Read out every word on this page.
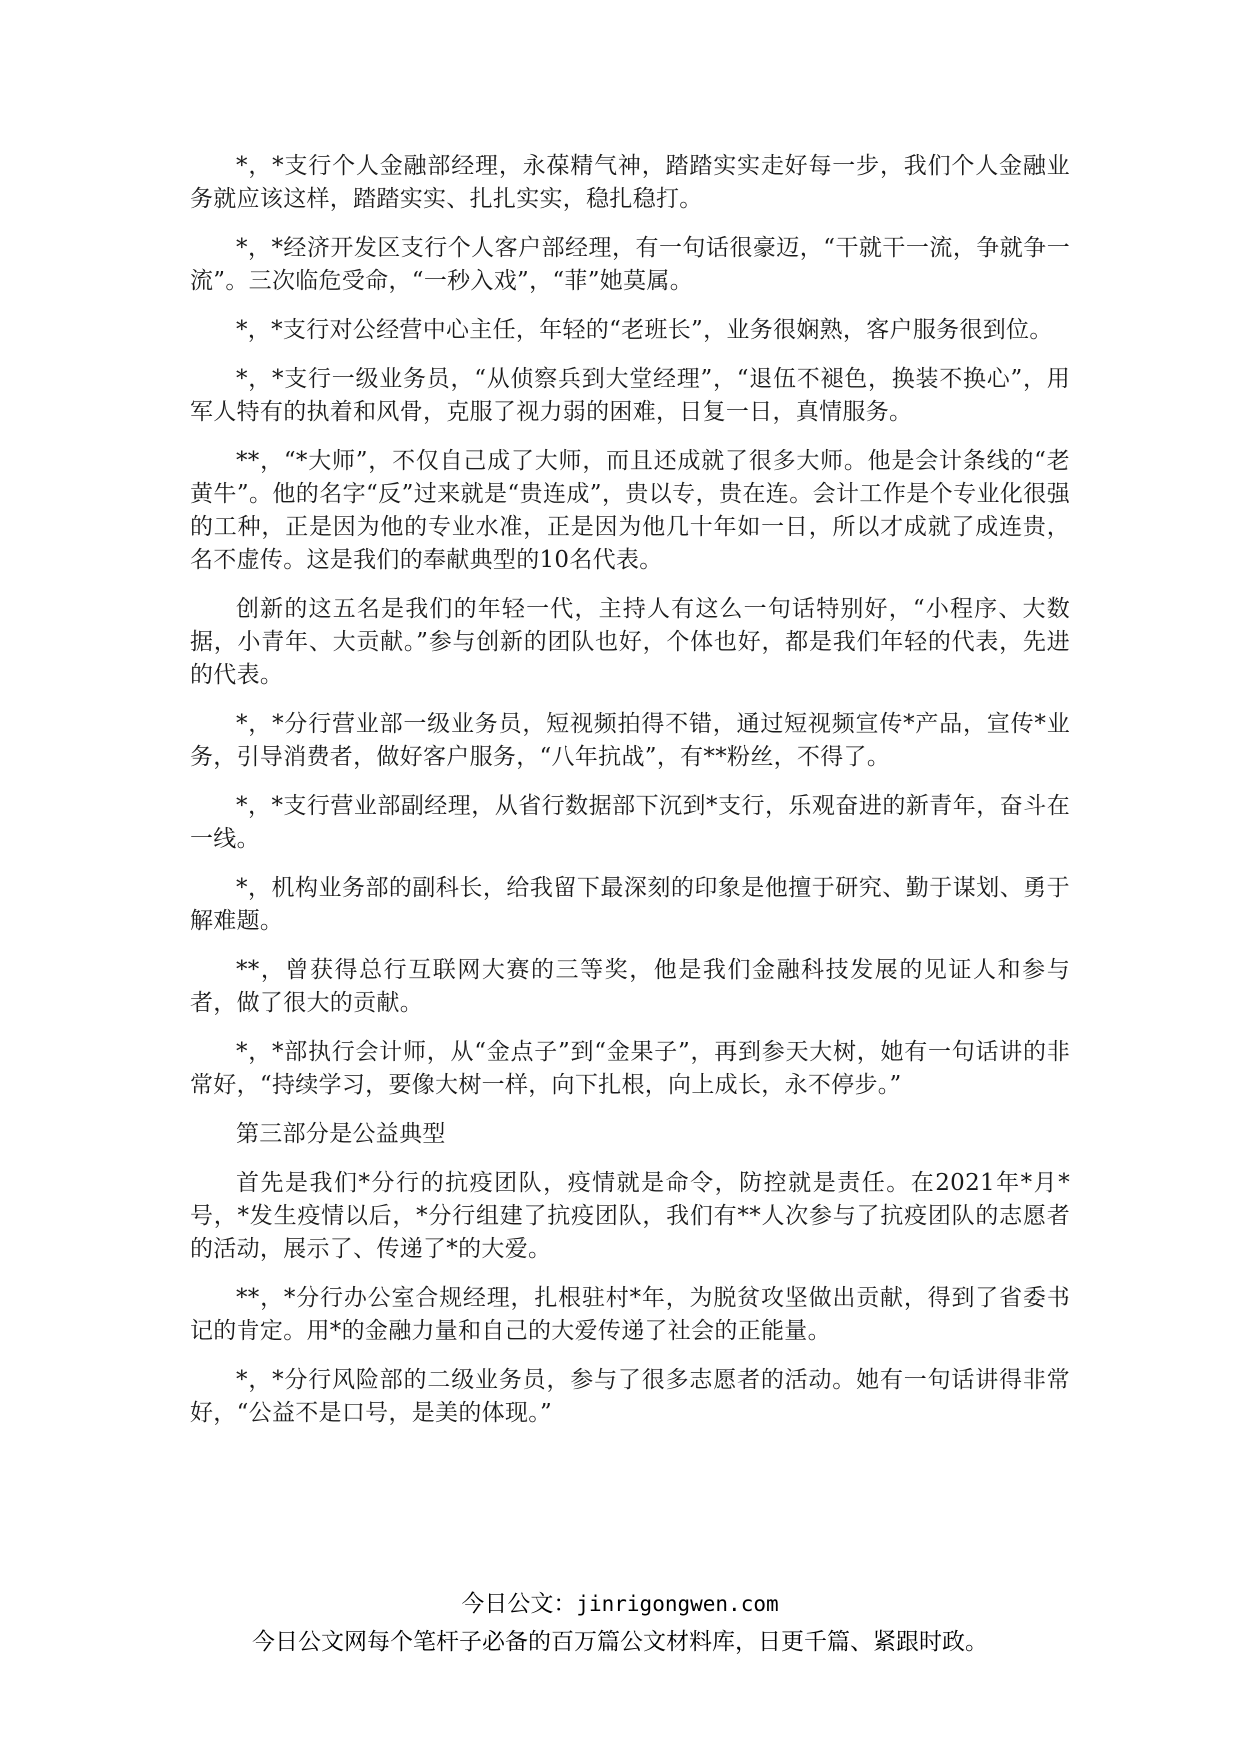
*，*支行个人金融部经理，永葆精气神，踏踏实实走好每一步，我们个人金融业务就应该这样，踏踏实实、扎扎实实，稳扎稳打。

*，*经济开发区支行个人客户部经理，有一句话很豪迈，“干就干一流，争就争一流”。三次临危受命，“一秒入戏”，“菲”她莫属。

*，*支行对公经营中心主任，年轻的“老班长”，业务很娴熟，客户服务很到位。

*，*支行一级业务员，“从侦察兵到大堂经理”，“退伍不褪色，换装不换心”，用军人特有的执着和风骨，克服了视力弱的困难，日复一日，真情服务。

**，“*大师”，不仅自己成了大师，而且还成就了很多大师。他是会计条线的“老黄牛”。他的名字“反”过来就是“贵连成”，贵以专，贵在连。会计工作是个专业化很强的工种，正是因为他的专业水准，正是因为他几十年如一日，所以才成就了成连贵，名不虚传。这是我们的奉献典型的10名代表。

创新的这五名是我们的年轻一代，主持人有这么一句话特别好，“小程序、大数据，小青年、大贡献。”参与创新的团队也好，个体也好，都是我们年轻的代表，先进的代表。

*，*分行营业部一级业务员，短视频拍得不错，通过短视频宣传*产品，宣传*业务，引导消费者，做好客户服务，“八年抗战”，有**粉丝，不得了。

*，*支行营业部副经理，从省行数据部下沉到*支行，乐观奋进的新青年，奋斗在一线。

*，机构业务部的副科长，给我留下最深刻的印象是他擅于研究、勤于谋划、勇于解难题。

**，曾获得总行互联网大赛的三等奖，他是我们金融科技发展的见证人和参与者，做了很大的贡献。

*，*部执行会计师，从“金点子”到“金果子”，再到参天大树，她有一句话讲的非常好，“持续学习，要像大树一样，向下扎根，向上成长，永不停步。”

第三部分是公益典型

首先是我们*分行的抗疫团队，疫情就是命令，防控就是责任。在2021年*月*号，*发生疫情以后，*分行组建了抗疫团队，我们有**人次参与了抗疫团队的志愿者的活动，展示了、传递了*的大爱。

**，*分行办公室合规经理，扎根驻村*年，为脱贫攻坚做出贡献，得到了省委书记的肯定。用*的金融力量和自己的大爱传递了社会的正能量。

*，*分行风险部的二级业务员，参与了很多志愿者的活动。她有一句话讲得非常好，“公益不是口号，是美的体现。”

今日公文：jinrigongwen.com
今日公文网每个笔杆子必备的百万篇公文材料库，日更千篇、紧跟时政。
